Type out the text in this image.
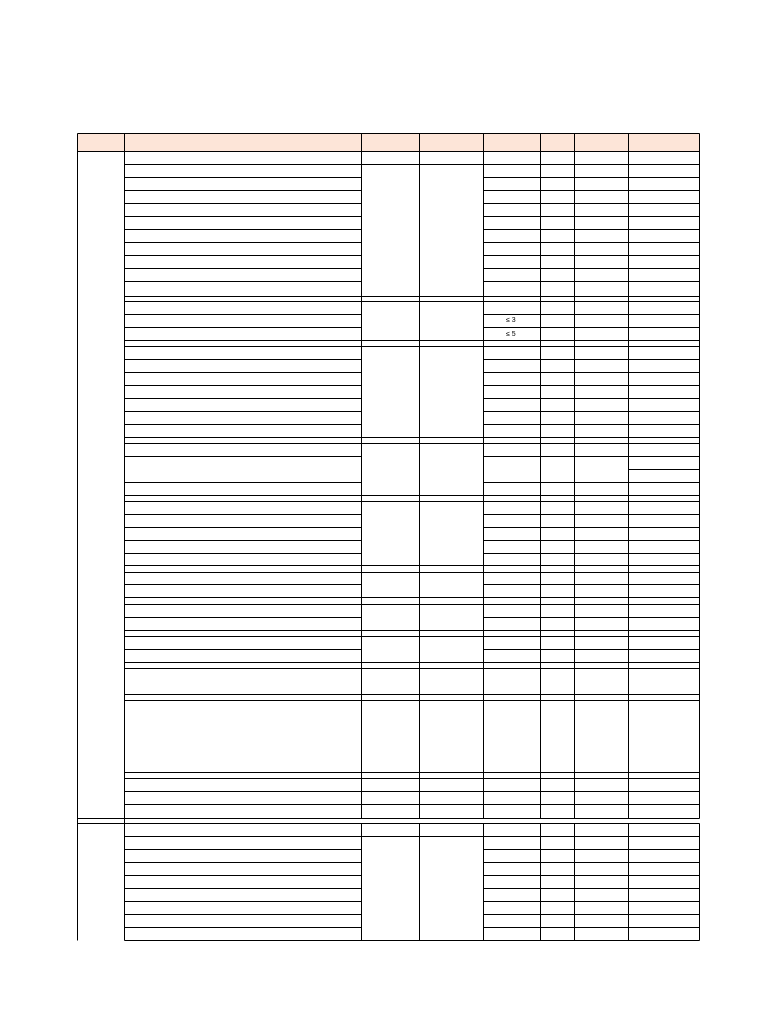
≤ 3
≤ 5
